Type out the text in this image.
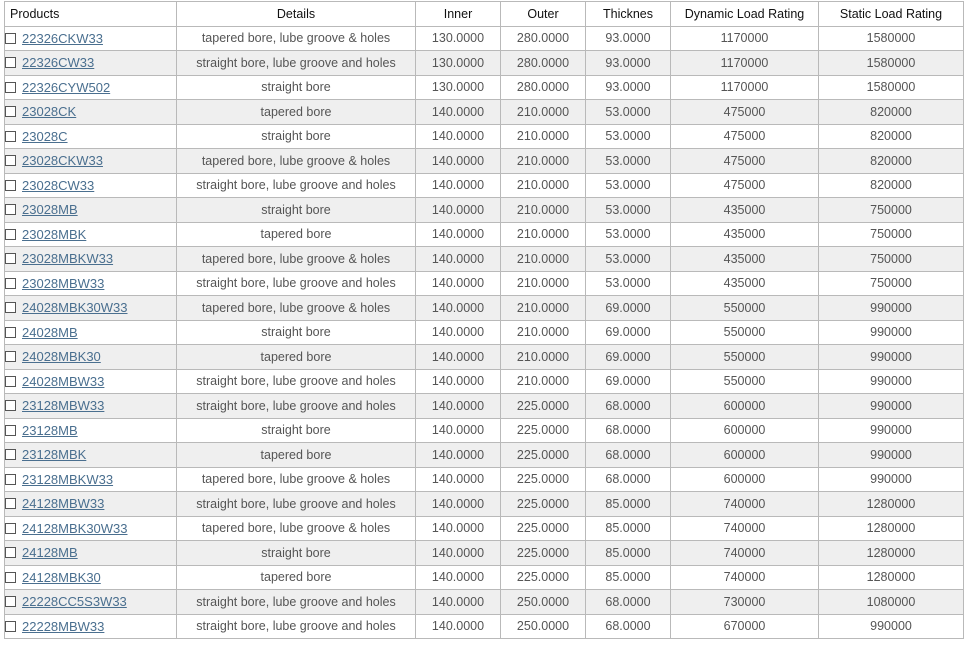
Products	Details	Inner	Outer	Thicknes	Dynamic Load Rating	Static Load Rating
22326CKW33	tapered bore, lube groove & holes	130.0000	280.0000	93.0000	1170000	1580000
22326CW33	straight bore, lube groove and holes	130.0000	280.0000	93.0000	1170000	1580000
22326CYW502	straight bore	130.0000	280.0000	93.0000	1170000	1580000
23028CK	tapered bore	140.0000	210.0000	53.0000	475000	820000
23028C	straight bore	140.0000	210.0000	53.0000	475000	820000
23028CKW33	tapered bore, lube groove & holes	140.0000	210.0000	53.0000	475000	820000
23028CW33	straight bore, lube groove and holes	140.0000	210.0000	53.0000	475000	820000
23028MB	straight bore	140.0000	210.0000	53.0000	435000	750000
23028MBK	tapered bore	140.0000	210.0000	53.0000	435000	750000
23028MBKW33	tapered bore, lube groove & holes	140.0000	210.0000	53.0000	435000	750000
23028MBW33	straight bore, lube groove and holes	140.0000	210.0000	53.0000	435000	750000
24028MBK30W33	tapered bore, lube groove & holes	140.0000	210.0000	69.0000	550000	990000
24028MB	straight bore	140.0000	210.0000	69.0000	550000	990000
24028MBK30	tapered bore	140.0000	210.0000	69.0000	550000	990000
24028MBW33	straight bore, lube groove and holes	140.0000	210.0000	69.0000	550000	990000
23128MBW33	straight bore, lube groove and holes	140.0000	225.0000	68.0000	600000	990000
23128MB	straight bore	140.0000	225.0000	68.0000	600000	990000
23128MBK	tapered bore	140.0000	225.0000	68.0000	600000	990000
23128MBKW33	tapered bore, lube groove & holes	140.0000	225.0000	68.0000	600000	990000
24128MBW33	straight bore, lube groove and holes	140.0000	225.0000	85.0000	740000	1280000
24128MBK30W33	tapered bore, lube groove & holes	140.0000	225.0000	85.0000	740000	1280000
24128MB	straight bore	140.0000	225.0000	85.0000	740000	1280000
24128MBK30	tapered bore	140.0000	225.0000	85.0000	740000	1280000
22228CC5S3W33	straight bore, lube groove and holes	140.0000	250.0000	68.0000	730000	1080000
22228MBW33	straight bore, lube groove and holes	140.0000	250.0000	68.0000	670000	990000
